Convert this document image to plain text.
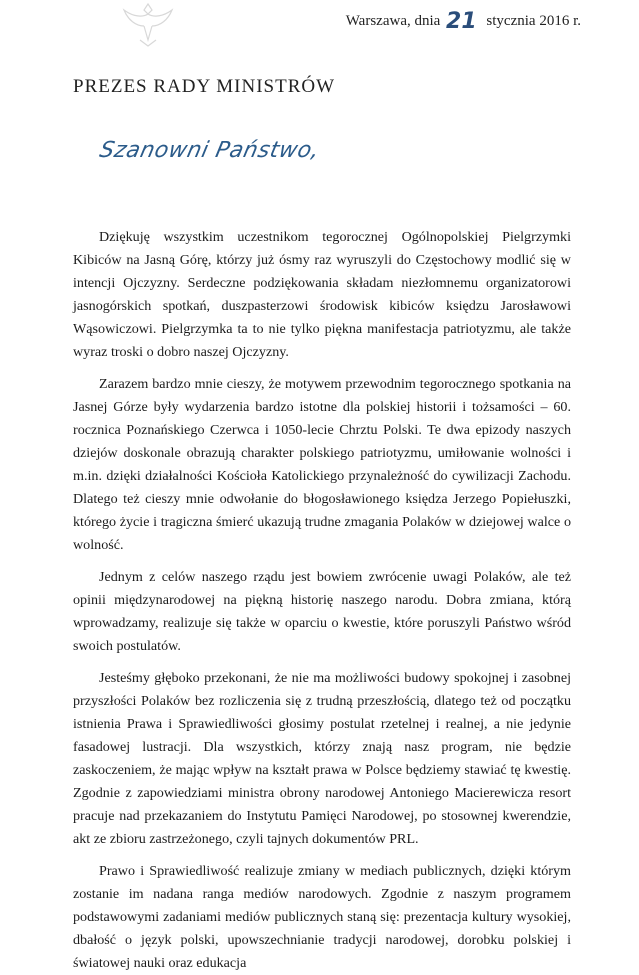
Warszawa, dnia 21 stycznia 2016 r.
PREZES RADY MINISTRÓW
Szanowni Państwo,

Dziękuję wszystkim uczestnikom tegorocznej Ogólnopolskiej Pielgrzymki Kibiców na Jasną Górę, którzy już ósmy raz wyruszyli do Częstochowy modlić się w intencji Ojczyzny. Serdeczne podziękowania składam niezłomnemu organizatorowi jasnogórskich spotkań, duszpasterzowi środowisk kibiców księdzu Jarosławowi Wąsowiczowi. Pielgrzymka ta to nie tylko piękna manifestacja patriotyzmu, ale także wyraz troski o dobro naszej Ojczyzny.

Zarazem bardzo mnie cieszy, że motywem przewodnim tegorocznego spotkania na Jasnej Górze były wydarzenia bardzo istotne dla polskiej historii i tożsamości – 60. rocznica Poznańskiego Czerwca i 1050-lecie Chrztu Polski. Te dwa epizody naszych dziejów doskonale obrazują charakter polskiego patriotyzmu, umiłowanie wolności i m.in. dzięki działalności Kościoła Katolickiego przynależność do cywilizacji Zachodu. Dlatego też cieszy mnie odwołanie do błogosławionego księdza Jerzego Popiełuszki, którego życie i tragiczna śmierć ukazują trudne zmagania Polaków w dziejowej walce o wolność.

Jednym z celów naszego rządu jest bowiem zwrócenie uwagi Polaków, ale też opinii międzynarodowej na piękną historię naszego narodu. Dobra zmiana, którą wprowadzamy, realizuje się także w oparciu o kwestie, które poruszyli Państwo wśród swoich postulatów.

Jesteśmy głęboko przekonani, że nie ma możliwości budowy spokojnej i zasobnej przyszłości Polaków bez rozliczenia się z trudną przeszłością, dlatego też od początku istnienia Prawa i Sprawiedliwości głosimy postulat rzetelnej i realnej, a nie jedynie fasadowej lustracji. Dla wszystkich, którzy znają nasz program, nie będzie zaskoczeniem, że mając wpływ na kształt prawa w Polsce będziemy stawiać tę kwestię. Zgodnie z zapowiedziami ministra obrony narodowej Antoniego Macierewicza resort pracuje nad przekazaniem do Instytutu Pamięci Narodowej, po stosownej kwerendzie, akt ze zbioru zastrzeżonego, czyli tajnych dokumentów PRL.

Prawo i Sprawiedliwość realizuje zmiany w mediach publicznych, dzięki którym zostanie im nadana ranga mediów narodowych. Zgodnie z naszym programem podstawowymi zadaniami mediów publicznych staną się: prezentacja kultury wysokiej, dbałość o język polski, upowszechnianie tradycji narodowej, dorobku polskiej i światowej nauki oraz edukacja
